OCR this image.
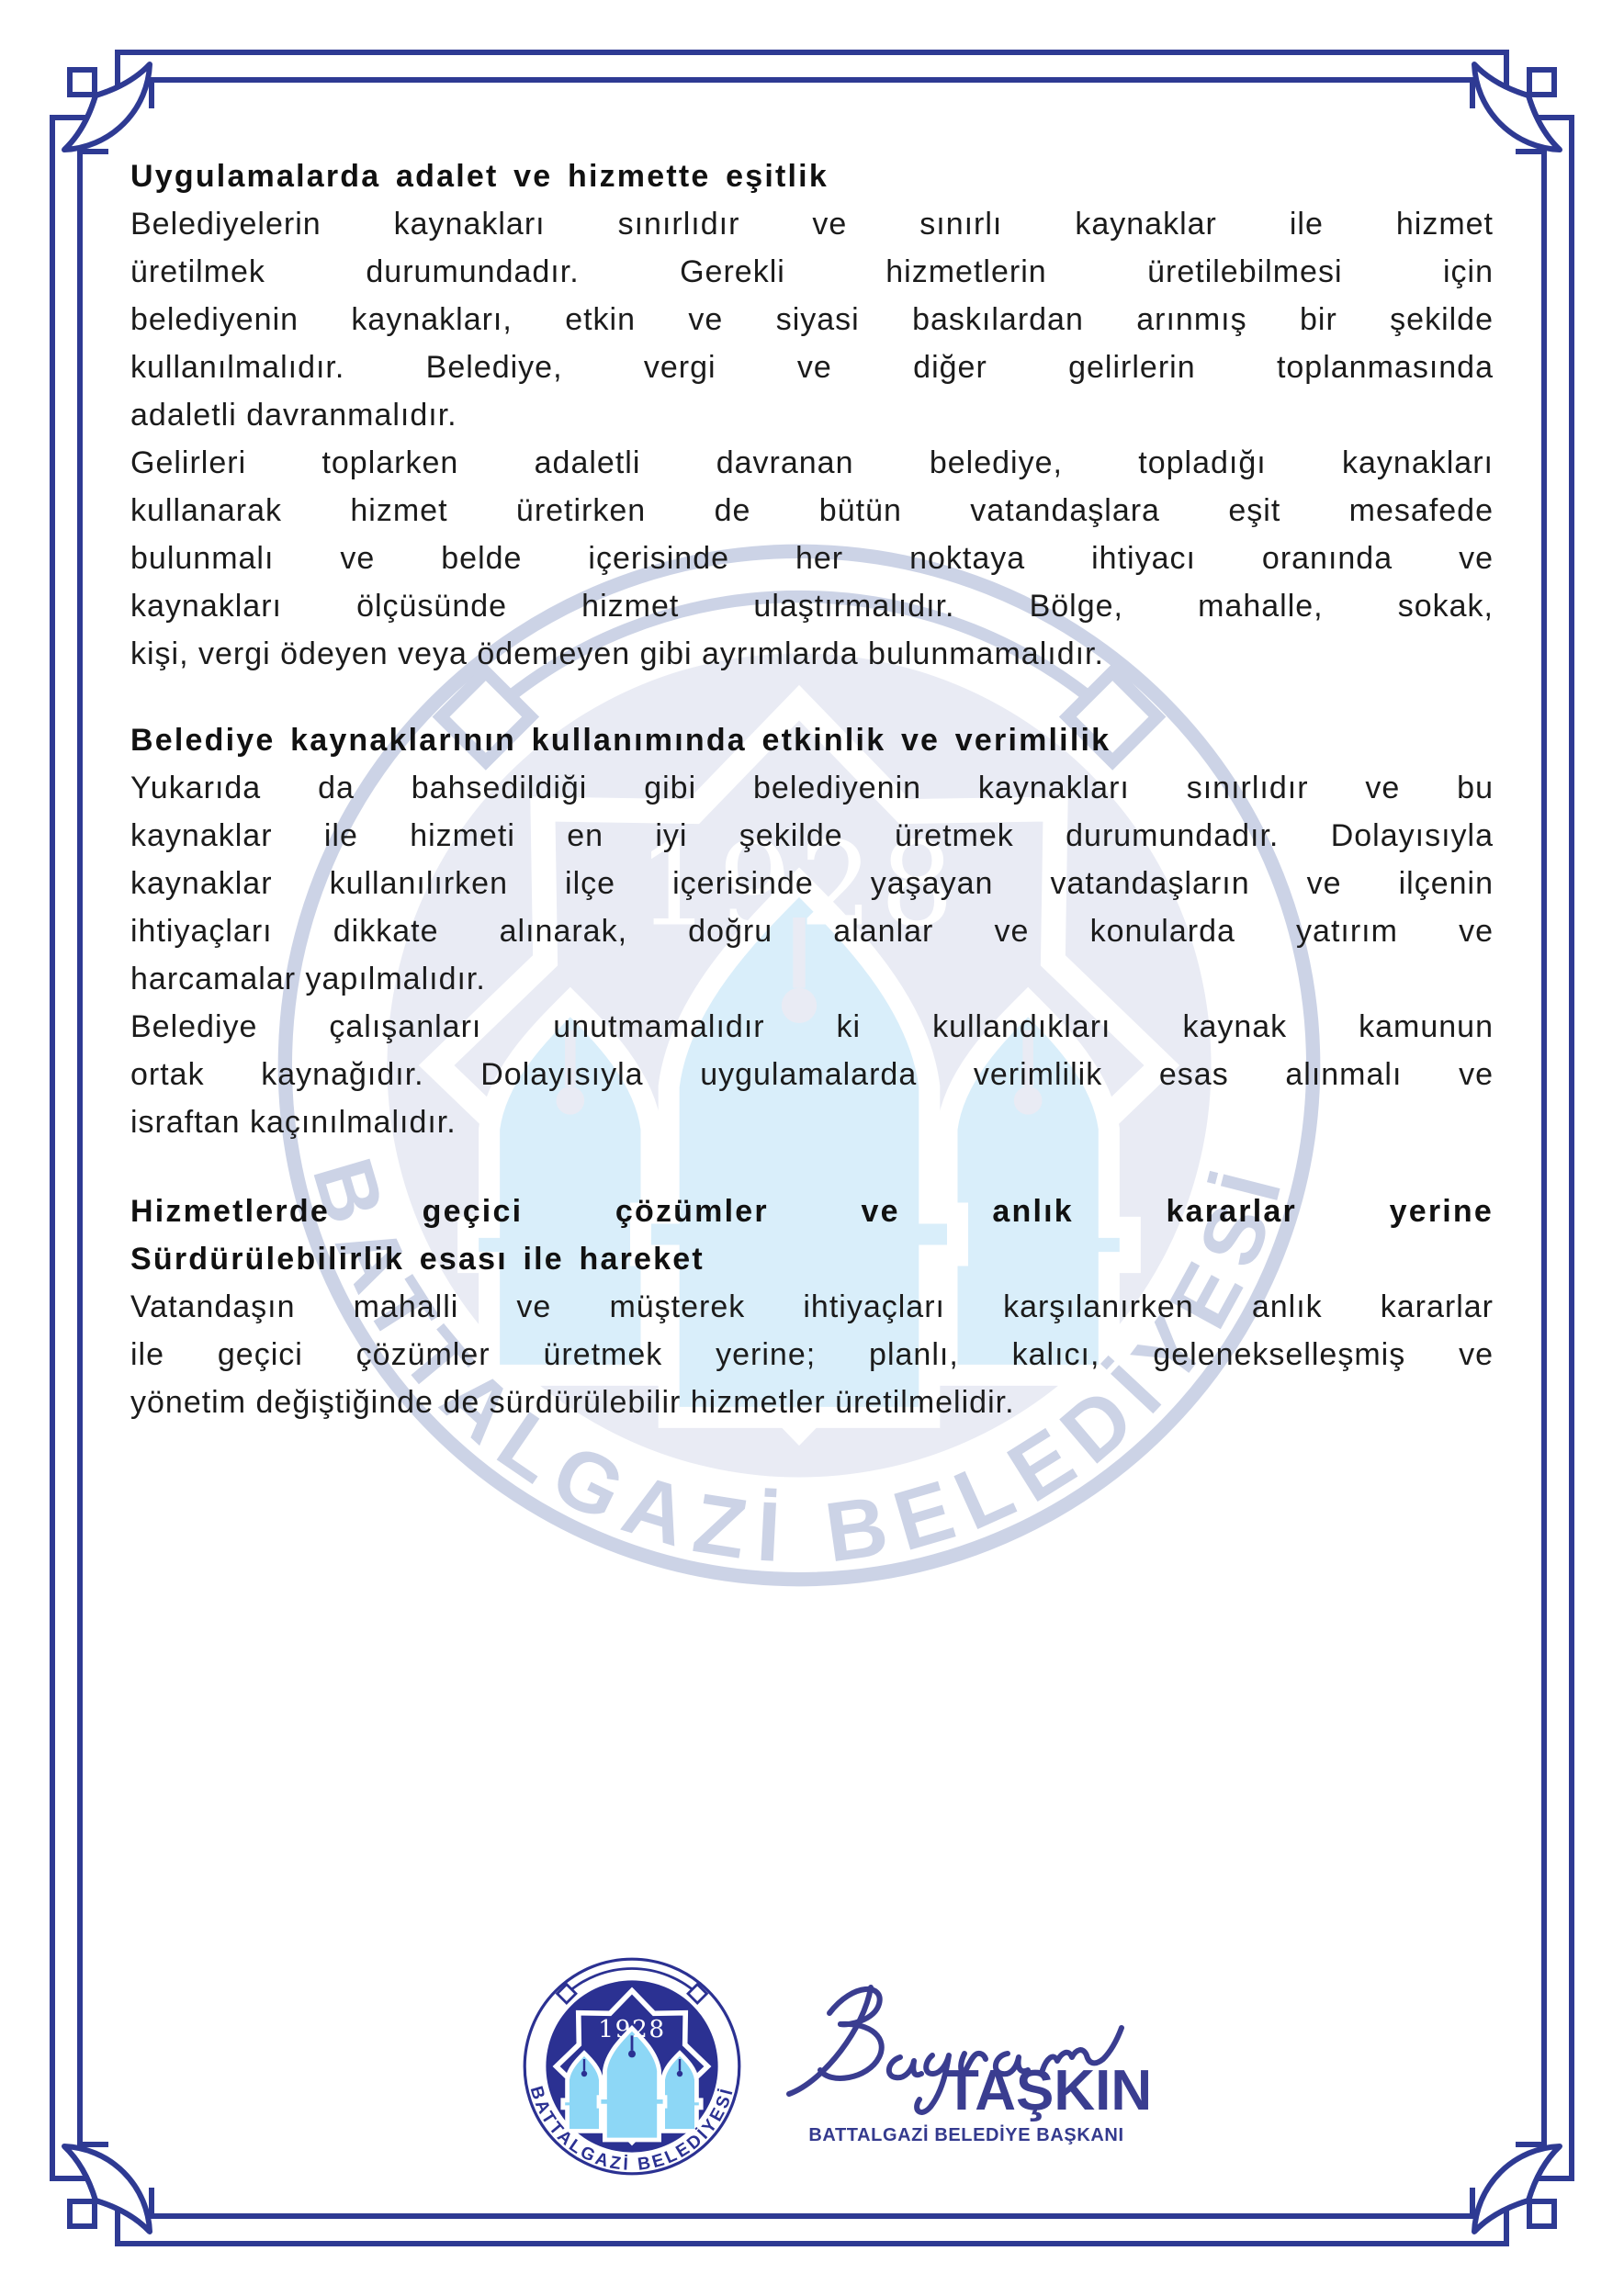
Uygulamalarda adalet ve hizmette eşitlik
Belediyelerin kaynakları sınırlıdır ve sınırlı kaynaklar ile hizmet
üretilmek durumundadır. Gerekli hizmetlerin üretilebilmesi için
belediyenin kaynakları, etkin ve siyasi baskılardan arınmış bir şekilde
kullanılmalıdır. Belediye, vergi ve diğer gelirlerin toplanmasında
adaletli davranmalıdır.
Gelirleri toplarken adaletli davranan belediye, topladığı kaynakları
kullanarak hizmet üretirken de bütün vatandaşlara eşit mesafede
bulunmalı ve belde içerisinde her noktaya ihtiyacı oranında ve
kaynakları ölçüsünde hizmet ulaştırmalıdır. Bölge, mahalle, sokak,
kişi, vergi ödeyen veya ödemeyen gibi ayrımlarda bulunmamalıdır.
Belediye kaynaklarının kullanımında etkinlik ve verimlilik
Yukarıda da bahsedildiği gibi belediyenin kaynakları sınırlıdır ve bu
kaynaklar ile hizmeti en iyi şekilde üretmek durumundadır. Dolayısıyla
kaynaklar kullanılırken ilçe içerisinde yaşayan vatandaşların ve ilçenin
ihtiyaçları dikkate alınarak, doğru alanlar ve konularda yatırım ve
harcamalar yapılmalıdır.
Belediye çalışanları unutmamalıdır ki kullandıkları kaynak kamunun
ortak kaynağıdır. Dolayısıyla uygulamalarda verimlilik esas alınmalı ve
israftan kaçınılmalıdır.
Hizmetlerde geçici çözümler ve anlık kararlar yerine
Sürdürülebilirlik esası ile hareket
Vatandaşın mahalli ve müşterek ihtiyaçları karşılanırken anlık kararlar
ile geçici çözümler üretmek yerine; planlı, kalıcı, gelenekselleşmiş ve
yönetim değiştiğinde de sürdürülebilir hizmetler üretilmelidir.
TAŞKIN
BATTALGAZİ BELEDİYE BAŞKANI
